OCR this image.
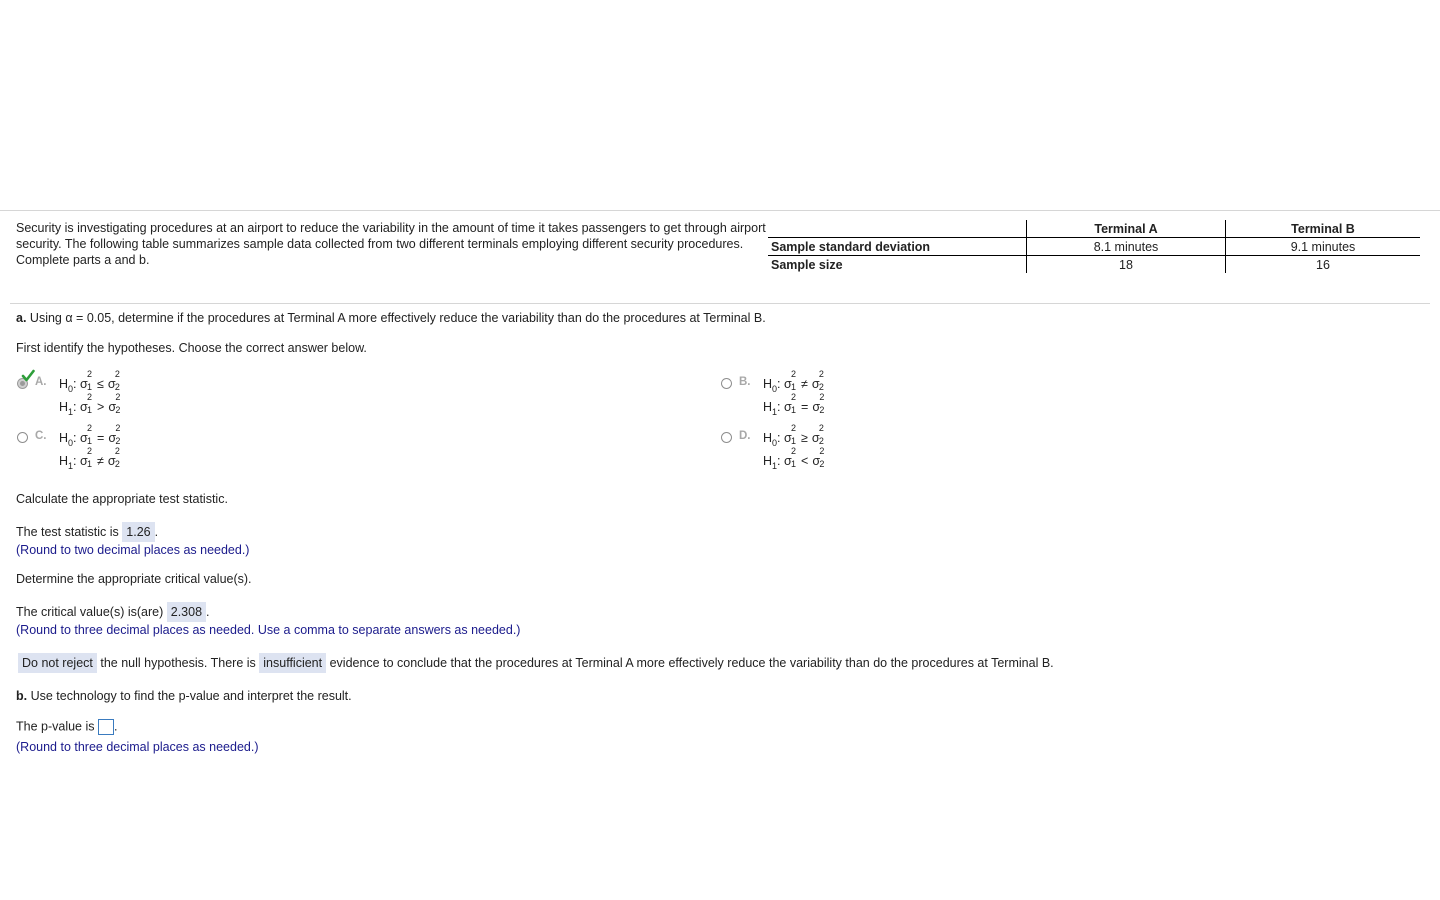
Security is investigating procedures at an airport to reduce the variability in the amount of time it takes passengers to get through airport security. The following table summarizes sample data collected from two different terminals employing different security procedures. Complete parts a and b.
	Terminal A	Terminal B
Sample standard deviation	8.1 minutes	9.1 minutes
Sample size	18	16
a. Using α = 0.05, determine if the procedures at Terminal A more effectively reduce the variability than do the procedures at Terminal B.
First identify the hypotheses. Choose the correct answer below.
A. $H_0$: σ
2
1 ≤ σ
2
2
$H_1$: σ
2
1 > σ
2
2
B. $H_0$: σ
2
1 ≠ σ
2
2
$H_1$: σ
2
1 = σ
2
2
C. $H_0$: σ
2
1 = σ
2
2
$H_1$: σ
2
1 ≠ σ
2
2
D. $H_0$: σ
2
1 ≥ σ
2
2
$H_1$: σ
2
1 < σ
2
2
Calculate the appropriate test statistic.
The test statistic is 1.26 .
(Round to two decimal places as needed.)
Determine the appropriate critical value(s).
The critical value(s) is(are) 2.308 .
(Round to three decimal places as needed. Use a comma to separate answers as needed.)
Do not reject the null hypothesis. There is insufficient evidence to conclude that the procedures at Terminal A more effectively reduce the variability than do the procedures at Terminal B.
b. Use technology to find the p-value and interpret the result.
The p-value is .
(Round to three decimal places as needed.)
